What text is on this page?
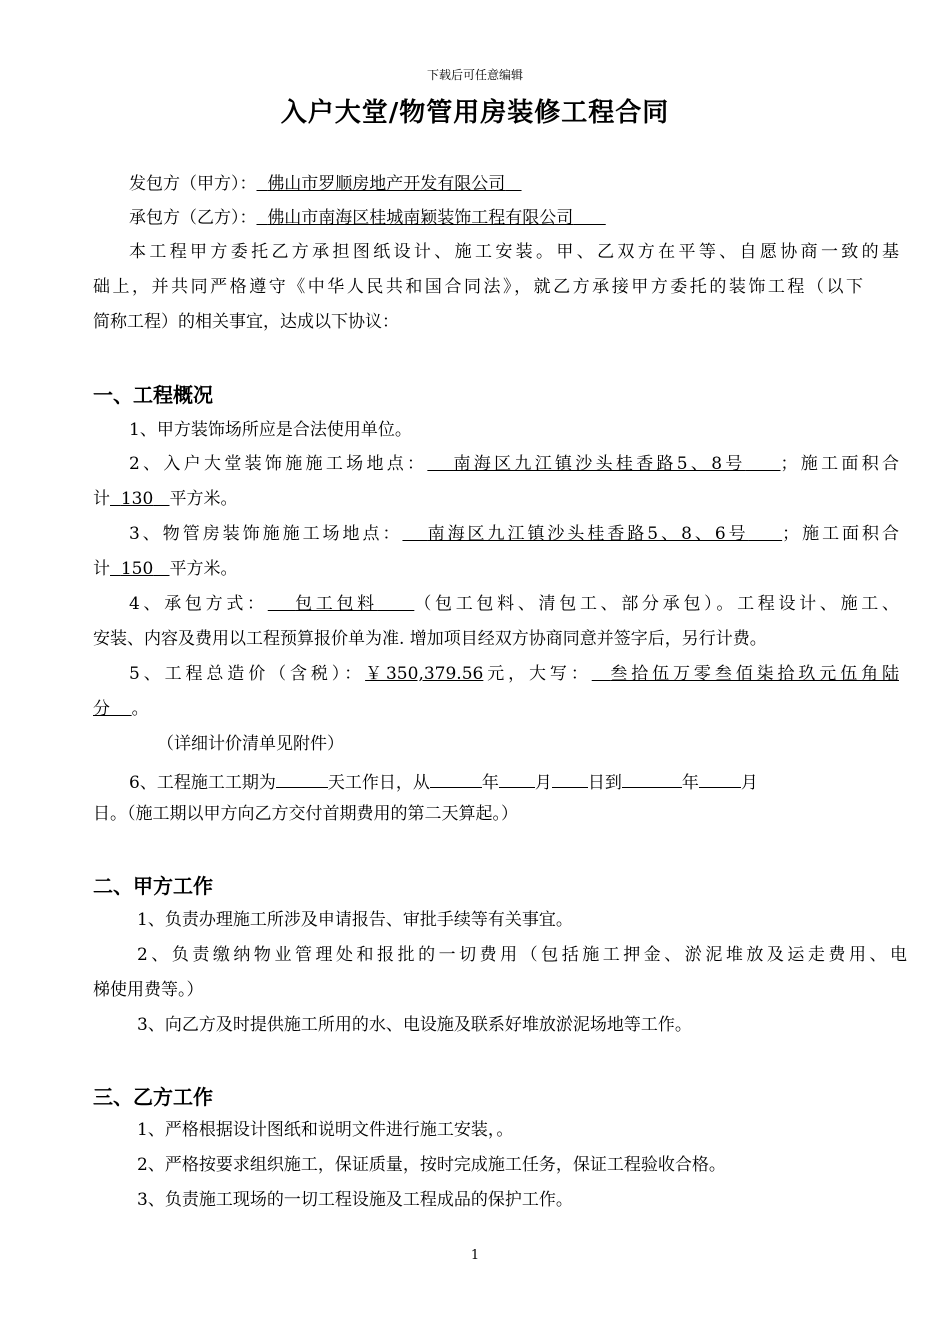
下载后可任意编辑
入户大堂/物管用房装修工程合同
发包方（甲方）： 佛山市罗顺房地产开发有限公司
承包方（乙方）： 佛山市南海区桂城南颖装饰工程有限公司
本工程甲方委托乙方承担图纸设计、施工安装。甲、乙双方在平等、自愿协商一致的基
础上，并共同严格遵守《中华人民共和国合同法》，就乙方承接甲方委托的装饰工程（以下
简称工程）的相关事宜，达成以下协议：
一、工程概况
1、甲方装饰场所应是合法使用单位。
2、入户大堂装饰施施工场地点： 南海区九江镇沙头桂香路5、8号 ；施工面积合
计 130 平方米。
3、物管房装饰施施工场地点： 南海区九江镇沙头桂香路5、8、6号 ；施工面积合
计 150 平方米。
4、承包方式： 包工包料 （包工包料、清包工、部分承包）。工程设计、施工、
安装、内容及费用以工程预算报价单为准. 增加项目经双方协商同意并签字后，另行计费。
5、工程总造价（含税）：￥350,379.56元，大写： 叁拾伍万零叁佰柒拾玖元伍角陆
分 。
（详细计价清单见附件）
6、工程施工工期为	天工作日，从	年 月 日到	年 月
日。（施工期以甲方向乙方交付首期费用的第二天算起。）
二、甲方工作
1、负责办理施工所涉及申请报告、审批手续等有关事宜。
2、负责缴纳物业管理处和报批的一切费用（包括施工押金、淤泥堆放及运走费用、电
梯使用费等。）
3、向乙方及时提供施工所用的水、电设施及联系好堆放淤泥场地等工作。
三、乙方工作
1、严格根据设计图纸和说明文件进行施工安装，。
2、严格按要求组织施工，保证质量，按时完成施工任务，保证工程验收合格。
3、负责施工现场的一切工程设施及工程成品的保护工作。
1
